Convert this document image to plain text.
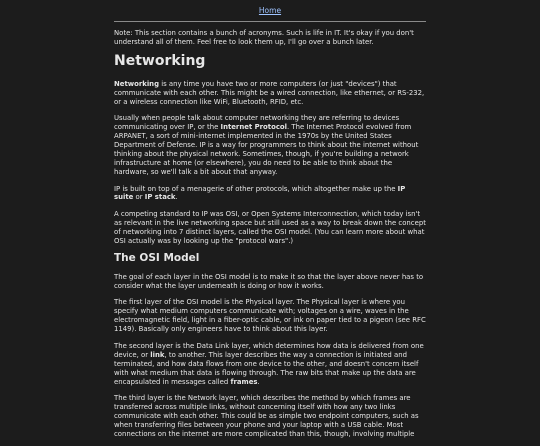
Home

Note: This section contains a bunch of acronyms. Such is life in IT. It's okay if you don't understand all of them. Feel free to look them up, I'll go over a bunch later.

Networking

Networking is any time you have two or more computers (or just "devices") that communicate with each other. This might be a wired connection, like ethernet, or RS-232, or a wireless connection like WiFi, Bluetooth, RFID, etc.

Usually when people talk about computer networking they are referring to devices communicating over IP, or the Internet Protocol. The Internet Protocol evolved from ARPANET, a sort of mini-internet implemented in the 1970s by the United States Department of Defense. IP is a way for programmers to think about the internet without thinking about the physical network. Sometimes, though, if you're building a network infrastructure at home (or elsewhere), you do need to be able to think about the hardware, so we'll talk a bit about that anyway.

IP is built on top of a menagerie of other protocols, which altogether make up the IP suite or IP stack.

A competing standard to IP was OSI, or Open Systems Interconnection, which today isn't as relevant in the live networking space but still used as a way to break down the concept of networking into 7 distinct layers, called the OSI model. (You can learn more about what OSI actually was by looking up the "protocol wars".)

The OSI Model

The goal of each layer in the OSI model is to make it so that the layer above never has to consider what the layer underneath is doing or how it works.

The first layer of the OSI model is the Physical layer. The Physical layer is where you specify what medium computers communicate with; voltages on a wire, waves in the electromagnetic field, light in a fiber-optic cable, or ink on paper tied to a pigeon (see RFC 1149). Basically only engineers have to think about this layer.

The second layer is the Data Link layer, which determines how data is delivered from one device, or link, to another. This layer describes the way a connection is initiated and terminated, and how data flows from one device to the other, and doesn't concern itself with what medium that data is flowing through. The raw bits that make up the data are encapsulated in messages called frames.

The third layer is the Network layer, which describes the method by which frames are transferred across multiple links, without concerning itself with how any two links communicate with each other. This could be as simple two endpoint computers, such as when transferring files between your phone and your laptop with a USB cable. Most connections on the internet are more complicated than this, though, involving multiple
